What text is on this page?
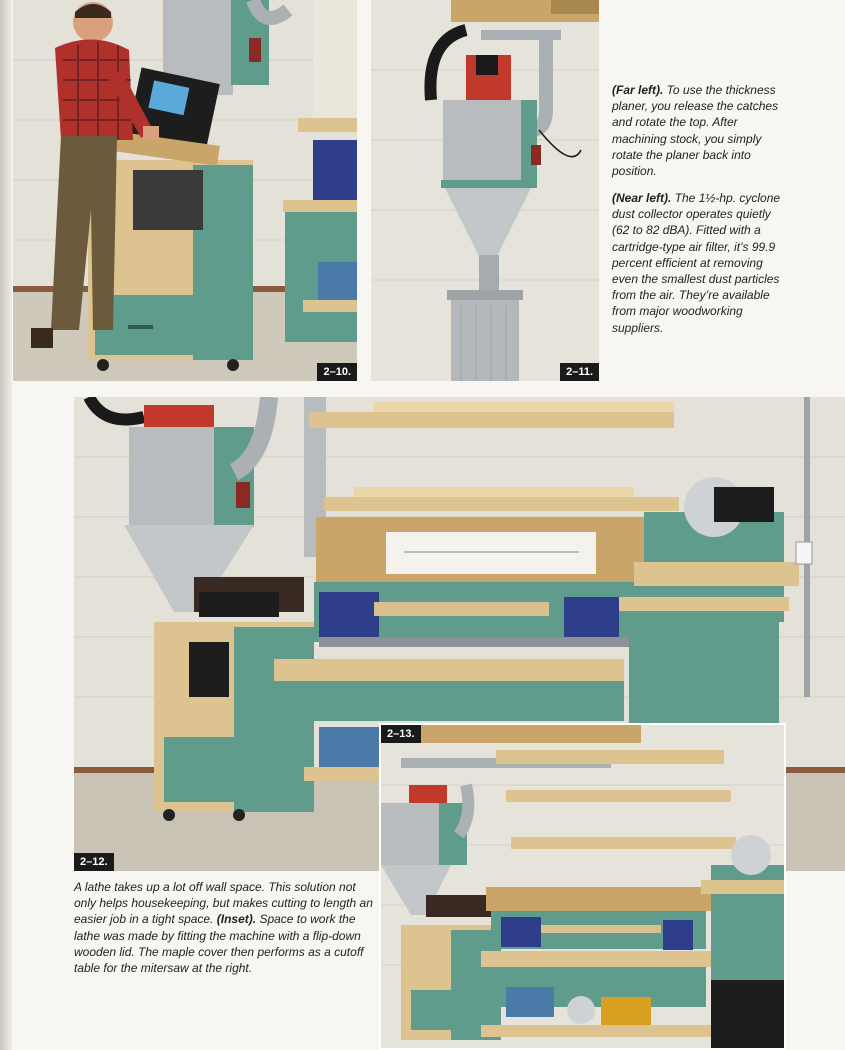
2–10.	2–11.

(Far left). To use the thickness planer, you release the catches and rotate the top. After machining stock, you simply rotate the planer back into position.

(Near left). The 1½-hp. cyclone dust collector operates quietly (62 to 82 dBA). Fitted with a cartridge-type air filter, it’s 99.9 percent efficient at removing even the smallest dust particles from the air. They’re available from major woodworking suppliers.

2–12.
2–13.

A lathe takes up a lot off wall space. This solution not only helps housekeeping, but makes cutting to length an easier job in a tight space. (Inset). Space to work the lathe was made by fitting the machine with a flip-down wooden lid. The maple cover then performs as a cutoff table for the mitersaw at the right.
